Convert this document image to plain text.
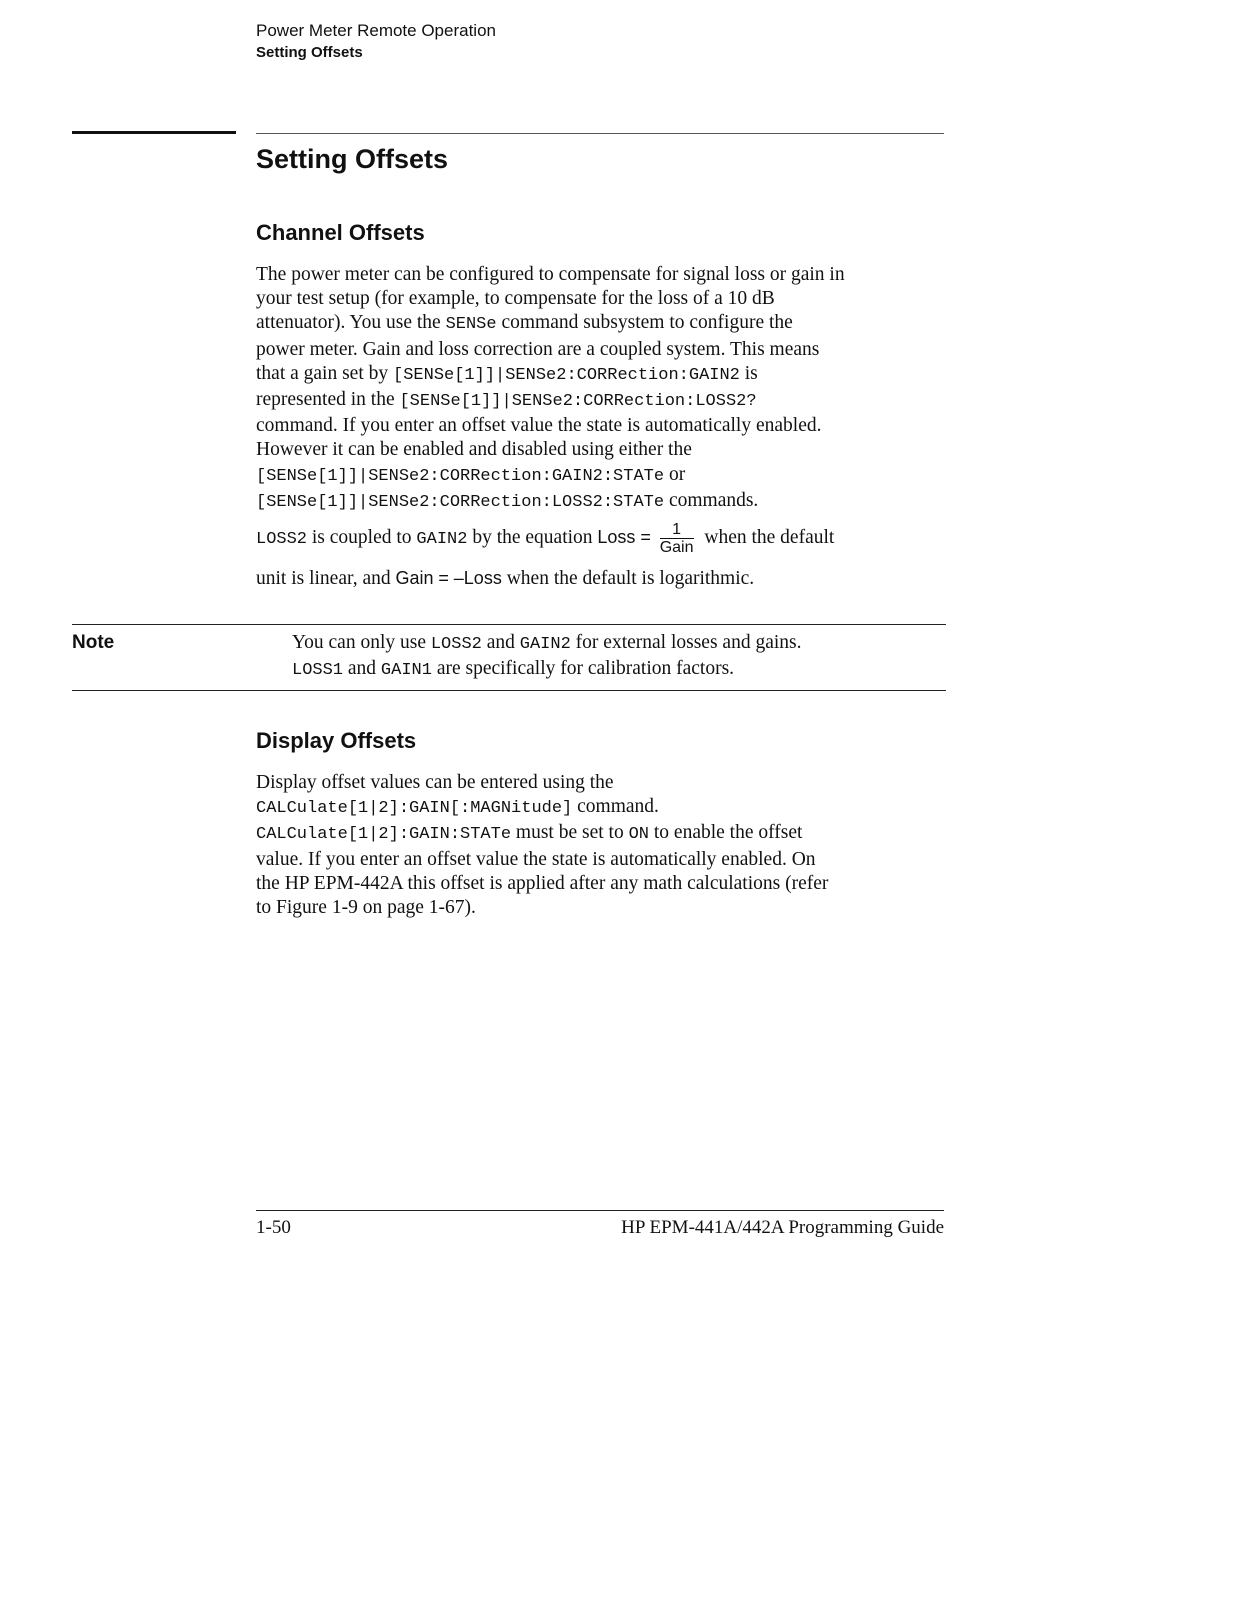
Power Meter Remote Operation
Setting Offsets
Setting Offsets
Channel Offsets
The power meter can be configured to compensate for signal loss or gain in
your test setup (for example, to compensate for the loss of a 10 dB
attenuator). You use the SENSe command subsystem to configure the
power meter. Gain and loss correction are a coupled system. This means
that a gain set by [SENSe[1]]|SENSe2:CORRection:GAIN2 is
represented in the [SENSe[1]]|SENSe2:CORRection:LOSS2?
command. If you enter an offset value the state is automatically enabled.
However it can be enabled and disabled using either the
[SENSe[1]]|SENSe2:CORRection:GAIN2:STATe or
[SENSe[1]]|SENSe2:CORRection:LOSS2:STATe commands.
LOSS2 is coupled to GAIN2 by the equation Loss = $\frac{1}{\text{Gain}}$ when the default
unit is linear, and Gain = –Loss when the default is logarithmic.
Note	You can only use LOSS2 and GAIN2 for external losses and gains.
LOSS1 and GAIN1 are specifically for calibration factors.
Display Offsets
Display offset values can be entered using the
CALCulate[1|2]:GAIN[:MAGNitude] command.
CALCulate[1|2]:GAIN:STATe must be set to ON to enable the offset
value. If you enter an offset value the state is automatically enabled. On
the HP EPM-442A this offset is applied after any math calculations (refer
to Figure 1-9 on page 1-67).
1-50	HP EPM-441A/442A Programming Guide
